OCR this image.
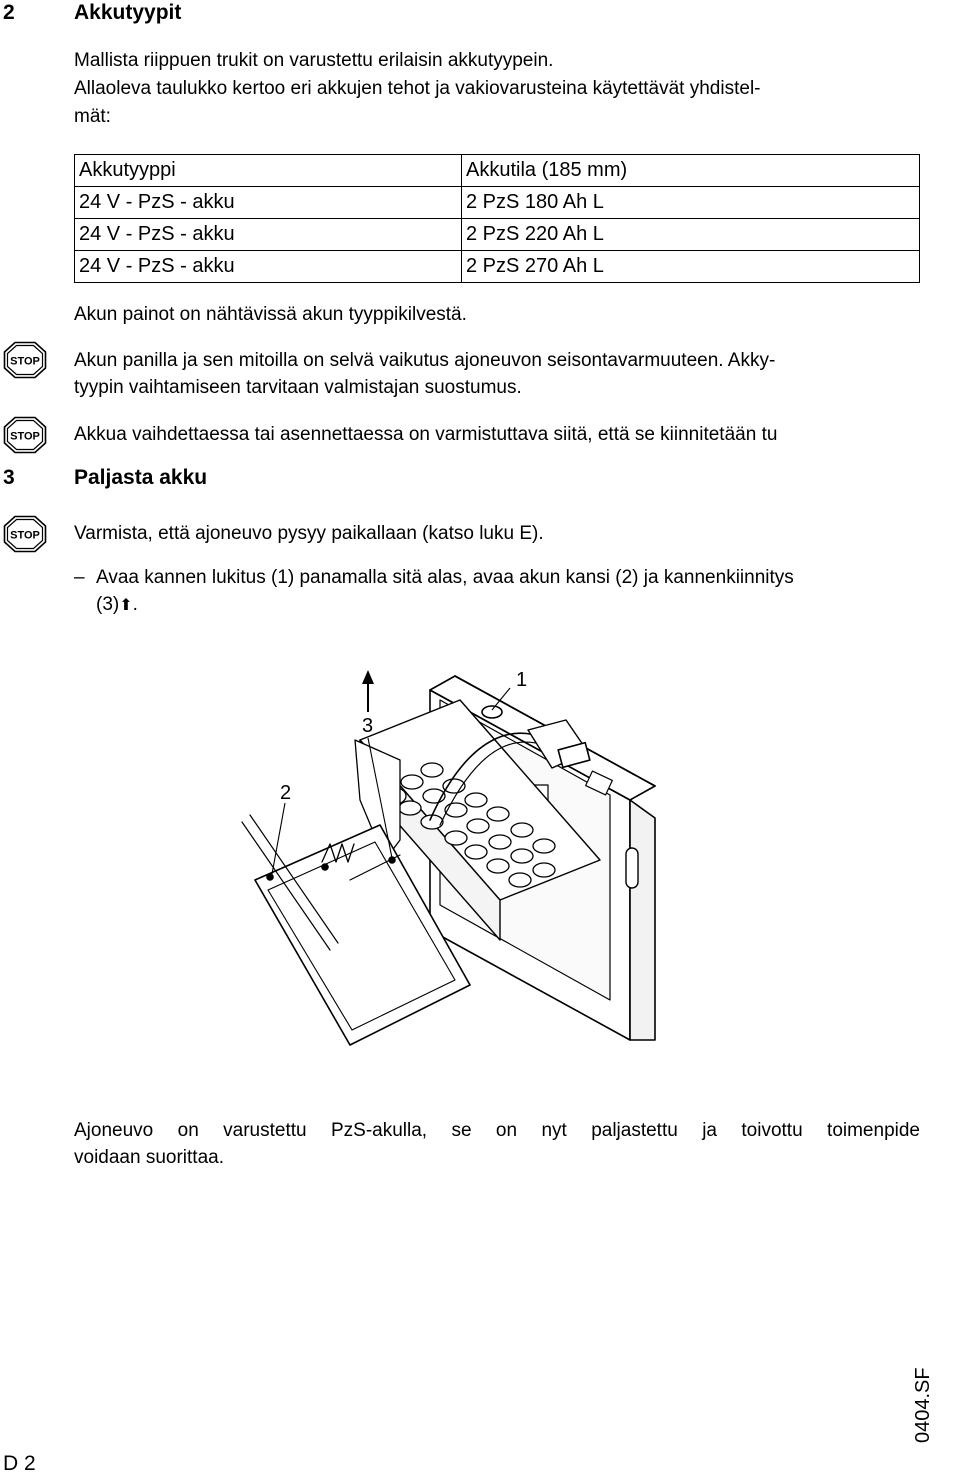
2	Akkutyypit
Mallista riippuen trukit on varustettu erilaisin akkutyypein.
Allaoleva taulukko kertoo eri akkujen tehot ja vakiovarusteina käytettävät yhdistel-
mät:
Akkutyyppi	Akkutila (185 mm)
24 V - PzS - akku	2 PzS 180 Ah L
24 V - PzS - akku	2 PzS 220 Ah L
24 V - PzS - akku	2 PzS 270 Ah L
Akun painot on nähtävissä akun tyyppikilvestä.
STOP Akun panilla ja sen mitoilla on selvä vaikutus ajoneuvon seisontavarmuuteen. Akky-
tyypin vaihtamiseen tarvitaan valmistajan suostumus.
STOP Akkua vaihdettaessa tai asennettaessa on varmistuttava siitä, että se kiinnitetään tu
3	Paljasta akku
STOP Varmista, että ajoneuvo pysyy paikallaan (katso luku E).
– Avaa kannen lukitus (1) panamalla sitä alas, avaa akun kansi (2) ja kannenkiinnitys
(3)⬆.
1
2
3
Ajoneuvo on varustettu PzS-akulla, se on nyt paljastettu ja toivottu toimenpide
voidaan suorittaa.
0404.SF
D 2
